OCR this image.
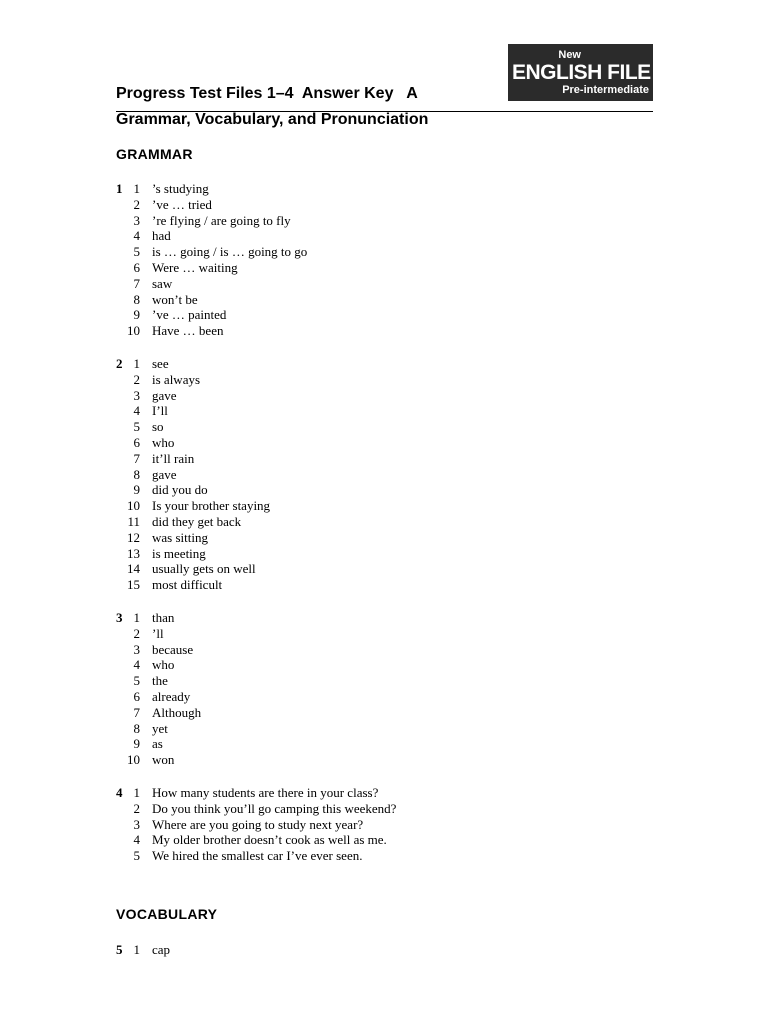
New
ENGLISH FILE
Pre-intermediate
Progress Test Files 1–4  Answer Key   A
Grammar, Vocabulary, and Pronunciation
GRAMMAR
1 1 ’s studying
2 ’ve … tried
3 ’re flying / are going to fly
4 had
5 is … going / is … going to go
6 Were … waiting
7 saw
8 won’t be
9 ’ve … painted
10 Have … been
2 1 see
2 is always
3 gave
4 I’ll
5 so
6 who
7 it’ll rain
8 gave
9 did you do
10 Is your brother staying
11 did they get back
12 was sitting
13 is meeting
14 usually gets on well
15 most difficult
3 1 than
2 ’ll
3 because
4 who
5 the
6 already
7 Although
8 yet
9 as
10 won
4 1 How many students are there in your class?
2 Do you think you’ll go camping this weekend?
3 Where are you going to study next year?
4 My older brother doesn’t cook as well as me.
5 We hired the smallest car I’ve ever seen.
VOCABULARY
5 1 cap
